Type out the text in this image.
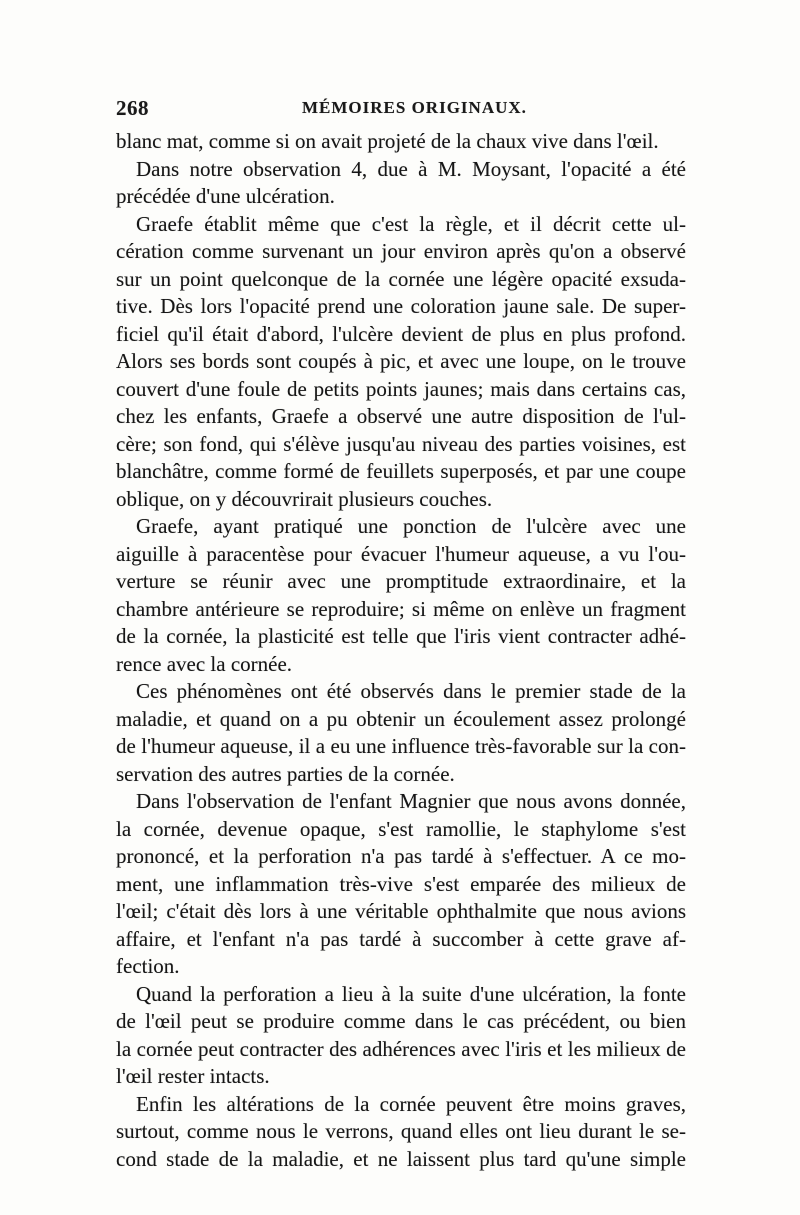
268	MÉMOIRES ORIGINAUX.
blanc mat, comme si on avait projeté de la chaux vive dans l'œil.
Dans notre observation 4, due à M. Moysant, l'opacité a été
précédée d'une ulcération.
Graefe établit même que c'est la règle, et il décrit cette ul-
cération comme survenant un jour environ après qu'on a observé
sur un point quelconque de la cornée une légère opacité exsuda-
tive. Dès lors l'opacité prend une coloration jaune sale. De super-
ficiel qu'il était d'abord, l'ulcère devient de plus en plus profond.
Alors ses bords sont coupés à pic, et avec une loupe, on le trouve
couvert d'une foule de petits points jaunes; mais dans certains cas,
chez les enfants, Graefe a observé une autre disposition de l'ul-
cère; son fond, qui s'élève jusqu'au niveau des parties voisines, est
blanchâtre, comme formé de feuillets superposés, et par une coupe
oblique, on y découvrirait plusieurs couches.
Graefe, ayant pratiqué une ponction de l'ulcère avec une
aiguille à paracentèse pour évacuer l'humeur aqueuse, a vu l'ou-
verture se réunir avec une promptitude extraordinaire, et la
chambre antérieure se reproduire; si même on enlève un fragment
de la cornée, la plasticité est telle que l'iris vient contracter adhé-
rence avec la cornée.
Ces phénomènes ont été observés dans le premier stade de la
maladie, et quand on a pu obtenir un écoulement assez prolongé
de l'humeur aqueuse, il a eu une influence très-favorable sur la con-
servation des autres parties de la cornée.
Dans l'observation de l'enfant Magnier que nous avons donnée,
la cornée, devenue opaque, s'est ramollie, le staphylome s'est
prononcé, et la perforation n'a pas tardé à s'effectuer. A ce mo-
ment, une inflammation très-vive s'est emparée des milieux de
l'œil; c'était dès lors à une véritable ophthalmite que nous avions
affaire, et l'enfant n'a pas tardé à succomber à cette grave af-
fection.
Quand la perforation a lieu à la suite d'une ulcération, la fonte
de l'œil peut se produire comme dans le cas précédent, ou bien
la cornée peut contracter des adhérences avec l'iris et les milieux de
l'œil rester intacts.
Enfin les altérations de la cornée peuvent être moins graves,
surtout, comme nous le verrons, quand elles ont lieu durant le se-
cond stade de la maladie, et ne laissent plus tard qu'une simple
